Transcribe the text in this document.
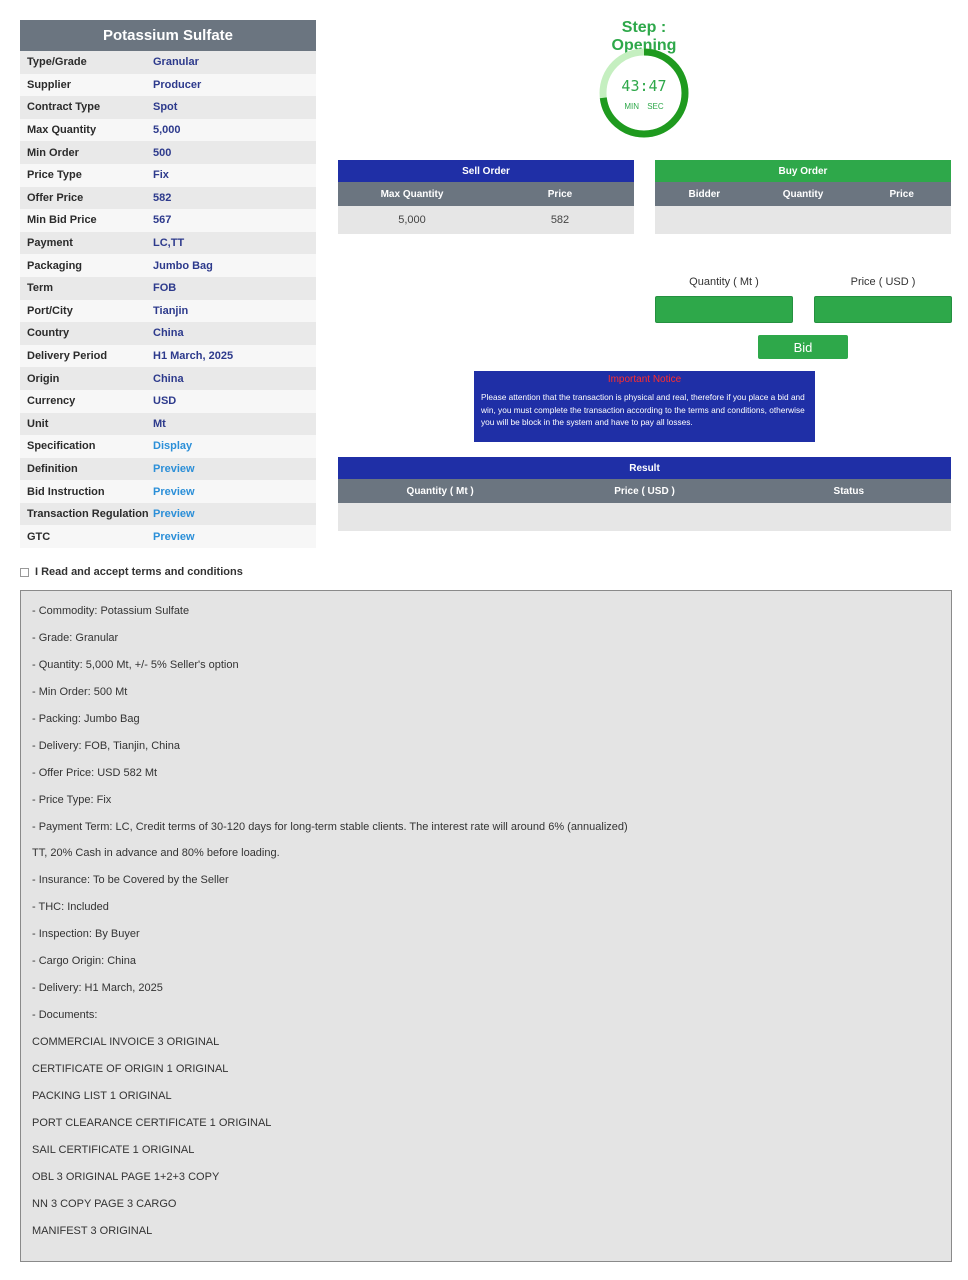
Potassium Sulfate
Type/Grade	Granular
Supplier	Producer
Contract Type	Spot
Max Quantity	5,000
Min Order	500
Price Type	Fix
Offer Price	582
Min Bid Price	567
Payment	LC,TT
Packaging	Jumbo Bag
Term	FOB
Port/City	Tianjin
Country	China
Delivery Period	H1 March, 2025
Origin	China
Currency	USD
Unit	Mt
Specification	Display
Definition	Preview
Bid Instruction	Preview
Transaction Regulation Preview
GTC	Preview
I Read and accept terms and conditions
Step : Opening
43:47
MIN SEC
Sell Order
Max Quantity	Price
5,000	582
Buy Order
Bidder	Quantity	Price
Quantity ( Mt )	Price ( USD )
Bid
Important Notice
Please attention that the transaction is physical and real, therefore if you place a bid and win, you must complete the transaction according to the terms and conditions, otherwise you will be block in the system and have to pay all losses.
Result
Quantity ( Mt )	Price ( USD )	Status
- Commodity: Potassium Sulfate
- Grade: Granular
- Quantity: 5,000 Mt, +/- 5% Seller's option
- Min Order: 500 Mt
- Packing: Jumbo Bag
- Delivery: FOB, Tianjin, China
- Offer Price: USD 582 Mt
- Price Type: Fix
- Payment Term: LC, Credit terms of 30-120 days for long-term stable clients. The interest rate will around 6% (annualized)
TT, 20% Cash in advance and 80% before loading.
- Insurance: To be Covered by the Seller
- THC: Included
- Inspection: By Buyer
- Cargo Origin: China
- Delivery: H1 March, 2025
- Documents:
COMMERCIAL INVOICE 3 ORIGINAL
CERTIFICATE OF ORIGIN 1 ORIGINAL
PACKING LIST 1 ORIGINAL
PORT CLEARANCE CERTIFICATE 1 ORIGINAL
SAIL CERTIFICATE 1 ORIGINAL
OBL 3 ORIGINAL PAGE 1+2+3 COPY
NN 3 COPY PAGE 3 CARGO
MANIFEST 3 ORIGINAL
